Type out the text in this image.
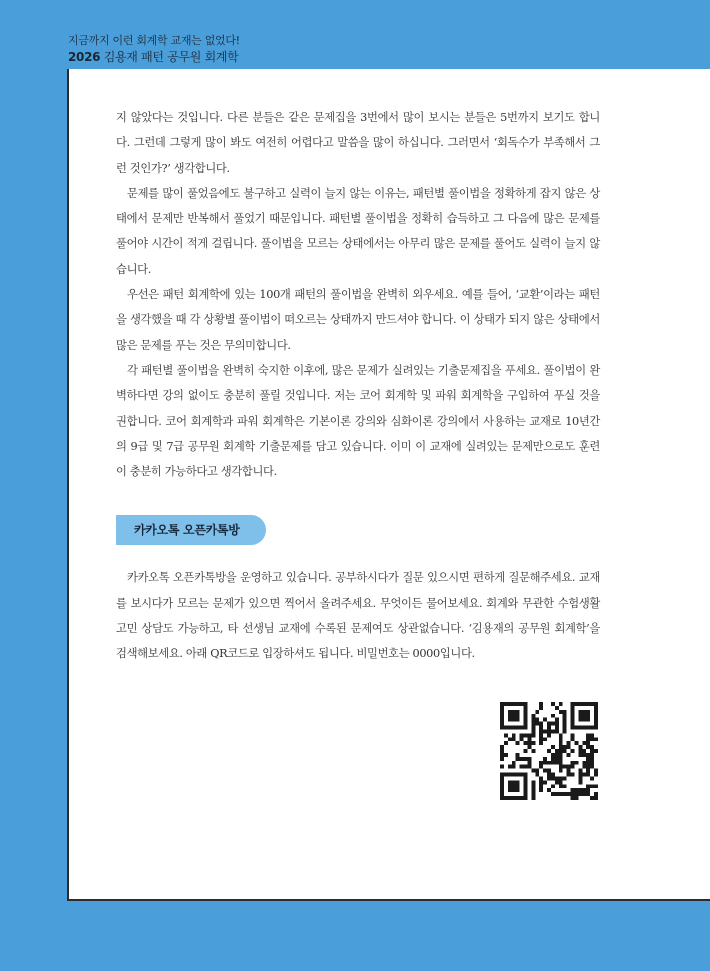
지금까지 이런 회계학 교재는 없었다!
2026 김용재 패턴 공무원 회계학

지 않았다는 것입니다. 다른 분들은 같은 문제집을 3번에서 많이 보시는 분들은 5번까지 보기도 합니다. 그런데 그렇게 많이 봐도 여전히 어렵다고 말씀을 많이 하십니다. 그러면서 ‘회독수가 부족해서 그런 것인가?’ 생각합니다.

문제를 많이 풀었음에도 불구하고 실력이 늘지 않는 이유는, 패턴별 풀이법을 정확하게 잡지 않은 상태에서 문제만 반복해서 풀었기 때문입니다. 패턴별 풀이법을 정확히 습득하고 그 다음에 많은 문제를 풀어야 시간이 적게 걸립니다. 풀이법을 모르는 상태에서는 아무리 많은 문제를 풀어도 실력이 늘지 않습니다.

우선은 패턴 회계학에 있는 100개 패턴의 풀이법을 완벽히 외우세요. 예를 들어, ‘교환’이라는 패턴을 생각했을 때 각 상황별 풀이법이 떠오르는 상태까지 만드셔야 합니다. 이 상태가 되지 않은 상태에서 많은 문제를 푸는 것은 무의미합니다.

각 패턴별 풀이법을 완벽히 숙지한 이후에, 많은 문제가 실려있는 기출문제집을 푸세요. 풀이법이 완벽하다면 강의 없이도 충분히 풀릴 것입니다. 저는 코어 회계학 및 파워 회계학을 구입하여 푸실 것을 권합니다. 코어 회계학과 파워 회계학은 기본이론 강의와 심화이론 강의에서 사용하는 교재로 10년간의 9급 및 7급 공무원 회계학 기출문제를 담고 있습니다. 이미 이 교재에 실려있는 문제만으로도 훈련이 충분히 가능하다고 생각합니다.

카카오톡 오픈카톡방

카카오톡 오픈카톡방을 운영하고 있습니다. 공부하시다가 질문 있으시면 편하게 질문해주세요. 교재를 보시다가 모르는 문제가 있으면 찍어서 올려주세요. 무엇이든 물어보세요. 회계와 무관한 수험생활 고민 상담도 가능하고, 타 선생님 교재에 수록된 문제여도 상관없습니다. ‘김용재의 공무원 회계학’을 검색해보세요. 아래 QR코드로 입장하셔도 됩니다. 비밀번호는 0000입니다.
